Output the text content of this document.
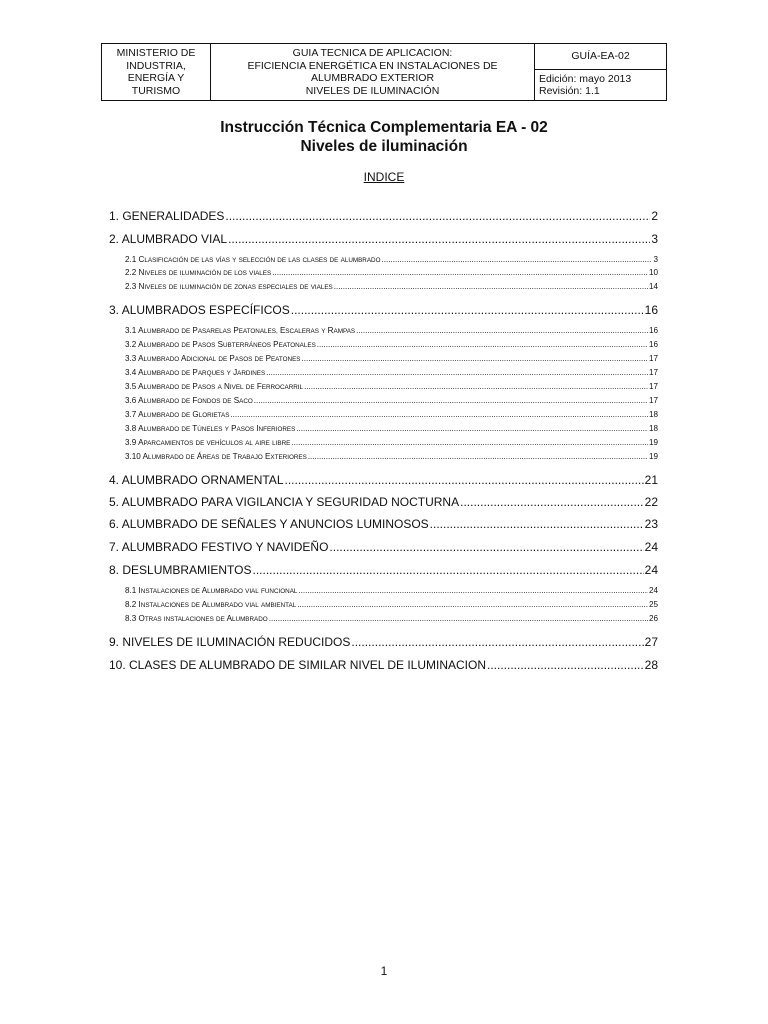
MINISTERIO DE
INDUSTRIA,
ENERGÍA Y
TURISMO

GUIA TECNICA DE APLICACION:
EFICIENCIA ENERGÉTICA EN INSTALACIONES DE
ALUMBRADO EXTERIOR
NIVELES DE ILUMINACIÓN
	GUÍA-EA-02

Edición: mayo 2013
Revisión: 1.1
Instrucción Técnica Complementaria EA - 02
Niveles de iluminación
INDICE
1. GENERALIDADES .....	2
2. ALUMBRADO VIAL .....	3
2.1 CLASIFICACIÓN DE LAS VÍAS Y SELECCIÓN DE LAS CLASES DE ALUMBRADO .....	3
2.2 NIVELES DE ILUMINACIÓN DE LOS VIALES .....	10
2.3 NIVELES DE ILUMINACIÓN DE ZONAS ESPECIALES DE VIALES .....	14
3. ALUMBRADOS ESPECÍFICOS .....	16
3.1 ALUMBRADO DE PASARELAS PEATONALES, ESCALERAS Y RAMPAS .....	16
3.2 ALUMBRADO DE PASOS SUBTERRÁNEOS PEATONALES .....	16
3.3 ALUMBRADO ADICIONAL DE PASOS DE PEATONES .....	17
3.4 ALUMBRADO DE PARQUES Y JARDINES .....	17
3.5 ALUMBRADO DE PASOS A NIVEL DE FERROCARRIL .....	17
3.6 ALUMBRADO DE FONDOS DE SACO .....	17
3.7 ALUMBRADO DE GLORIETAS .....	18
3.8 ALUMBRADO DE TÚNELES Y PASOS INFERIORES .....	18
3.9 APARCAMIENTOS DE VEHÍCULOS AL AIRE LIBRE .....	19
3.10 ALUMBRADO DE ÁREAS DE TRABAJO EXTERIORES .....	19
4. ALUMBRADO ORNAMENTAL .....	21
5. ALUMBRADO PARA VIGILANCIA Y SEGURIDAD NOCTURNA .....	22
6. ALUMBRADO DE SEÑALES Y ANUNCIOS LUMINOSOS .....	23
7. ALUMBRADO FESTIVO Y NAVIDEÑO .....	24
8. DESLUMBRAMIENTOS .....	24
8.1 INSTALACIONES DE ALUMBRADO VIAL FUNCIONAL .....	24
8.2 INSTALACIONES DE ALUMBRADO VIAL AMBIENTAL .....	25
8.3 OTRAS INSTALACIONES DE ALUMBRADO .....	26
9. NIVELES DE ILUMINACIÓN REDUCIDOS .....	27
10. CLASES DE ALUMBRADO DE SIMILAR NIVEL DE ILUMINACION .....	28
1
